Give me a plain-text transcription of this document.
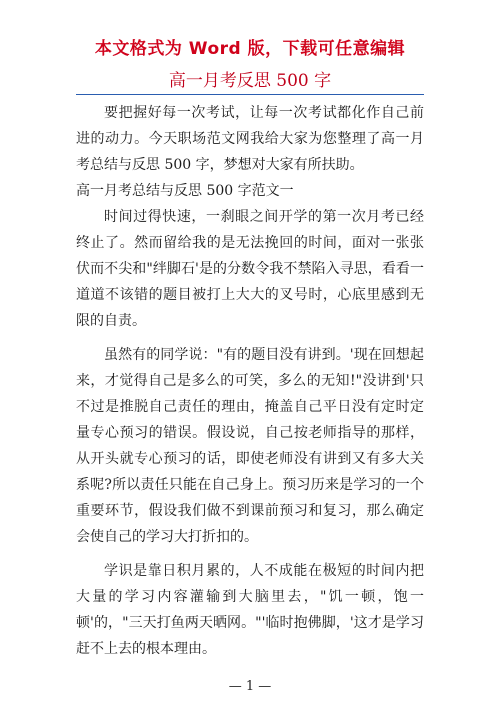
本文格式为 Word 版，下载可任意编辑
高一月考反思 500 字

要把握好每一次考试，让每一次考试都化作自己前进的动力。今天职场范文网我给大家为您整理了高一月考总结与反思 500 字，梦想对大家有所扶助。

高一月考总结与反思 500 字范文一

时间过得快速，一刹眼之间开学的第一次月考已经终止了。然而留给我的是无法挽回的时间，面对一张张伏而不尖和"绊脚石'是的分数令我不禁陷入寻思，看看一道道不该错的题目被打上大大的叉号时，心底里感到无限的自责。

虽然有的同学说："有的题目没有讲到。'现在回想起来，才觉得自己是多么的可笑，多么的无知!"没讲到'只不过是推脱自己责任的理由，掩盖自己平日没有定时定量专心预习的错误。假设说，自己按老师指导的那样，从开头就专心预习的话，即使老师没有讲到又有多大关系呢?所以责任只能在自己身上。预习历来是学习的一个重要环节，假设我们做不到课前预习和复习，那么确定会使自己的学习大打折扣的。

学识是靠日积月累的，人不成能在极短的时间内把大量的学习内容灌输到大脑里去，"饥一顿，饱一顿'的，"三天打鱼两天晒网。"'临时抱佛脚，'这才是学习赶不上去的根本理由。

— 1 —
